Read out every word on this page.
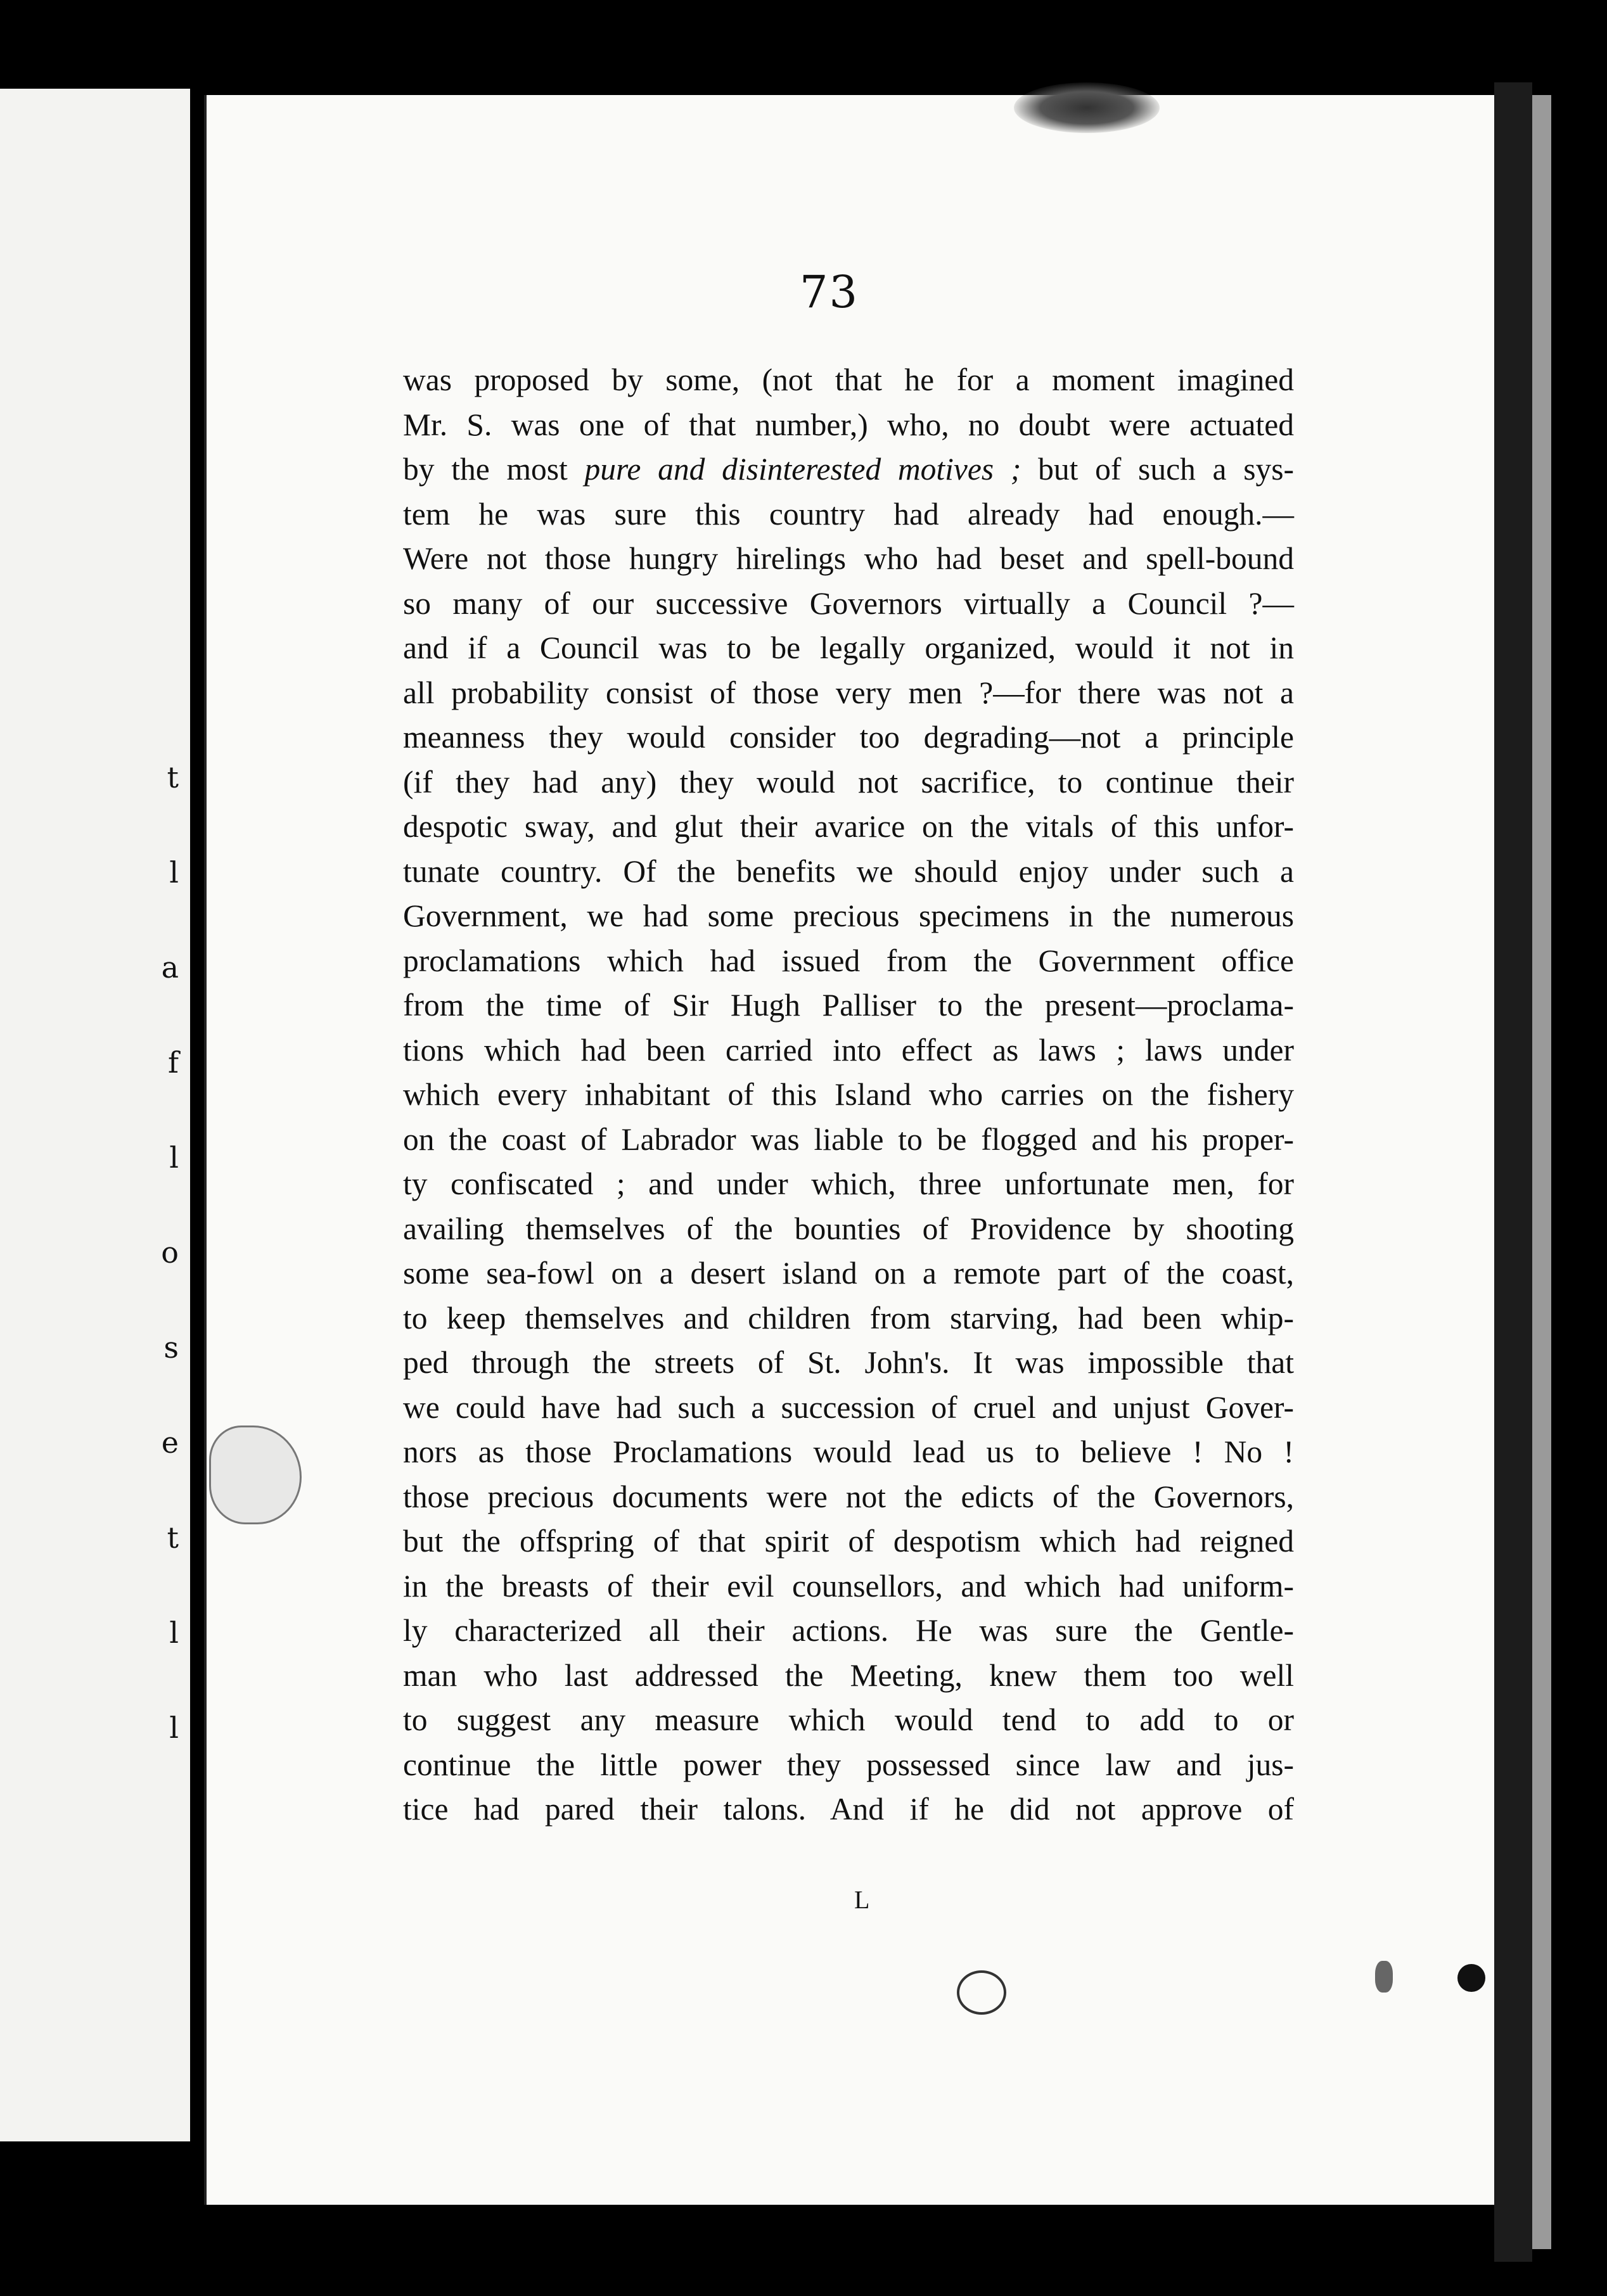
t
l
a
f
l
o
s
e
t
l
l
73
was proposed by some, (not that he for a moment imagined
Mr. S. was one of that number,) who, no doubt were actuated
by the most pure and disinterested motives ; but of such a sys-
tem he was sure this country had already had enough.—
Were not those hungry hirelings who had beset and spell-bound
so many of our successive Governors virtually a Council ?—
and if a Council was to be legally organized, would it not in
all probability consist of those very men ?—for there was not a
meanness they would consider too degrading—not a principle
(if they had any) they would not sacrifice, to continue their
despotic sway, and glut their avarice on the vitals of this unfor-
tunate country. Of the benefits we should enjoy under such a
Government, we had some precious specimens in the numerous
proclamations which had issued from the Government office
from the time of Sir Hugh Palliser to the present—proclama-
tions which had been carried into effect as laws ; laws under
which every inhabitant of this Island who carries on the fishery
on the coast of Labrador was liable to be flogged and his proper-
ty confiscated ; and under which, three unfortunate men, for
availing themselves of the bounties of Providence by shooting
some sea-fowl on a desert island on a remote part of the coast,
to keep themselves and children from starving, had been whip-
ped through the streets of St. John's. It was impossible that
we could have had such a succession of cruel and unjust Gover-
nors as those Proclamations would lead us to believe ! No !
those precious documents were not the edicts of the Governors,
but the offspring of that spirit of despotism which had reigned
in the breasts of their evil counsellors, and which had uniform-
ly characterized all their actions. He was sure the Gentle-
man who last addressed the Meeting, knew them too well
to suggest any measure which would tend to add to or
continue the little power they possessed since law and jus-
tice had pared their talons. And if he did not approve of
L
